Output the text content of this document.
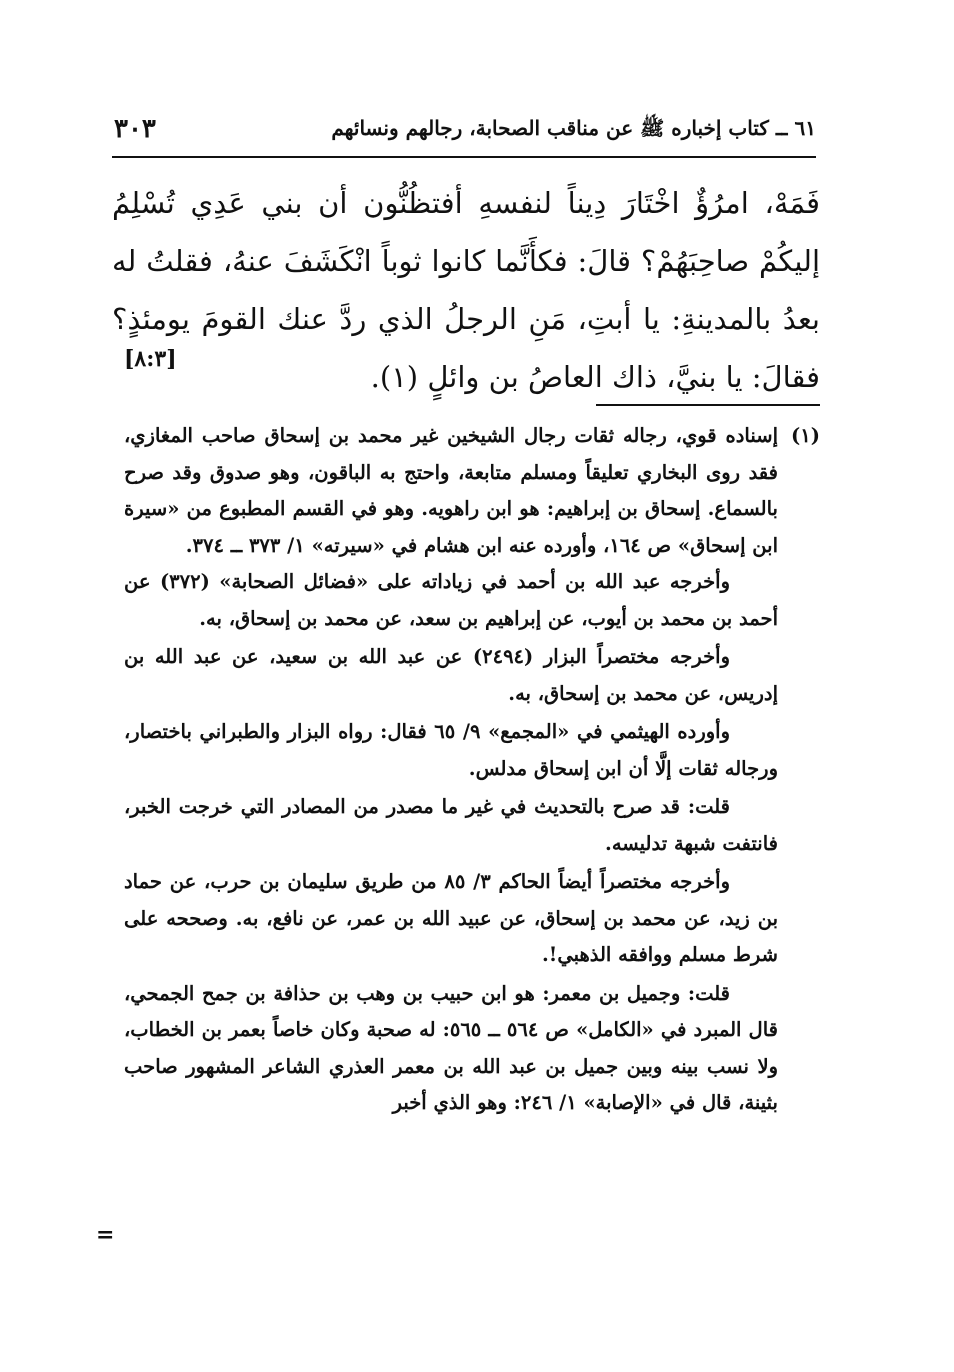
٦١ ــ كتاب إخباره ﷺ عن مناقب الصحابة، رجالهم ونسائهم
٣٠٣

فَمَهْ، امرُؤٌ اخْتَارَ دِيناً لنفسهِ أفتظُنُّون أن بني عَدِي تُسْلِمُ إليكُمْ صاحِبَهُمْ؟ قالَ: فكأَنَّما كانوا ثوباً انْكَشَفَ عنهُ، فقلتُ له بعدُ بالمدينةِ: يا أبتِ، مَنِ الرجلُ الذي ردَّ عنك القومَ يومئذٍ؟ فقالَ: يا بنيَّ، ذاك العاصُ بن وائلٍ (١).

[٨:٣]
(١)
إسناده قوي، رجاله ثقات رجال الشيخين غير محمد بن إسحاق صاحب المغازي، فقد روى البخاري تعليقاً ومسلم متابعة، واحتج به الباقون، وهو صدوق وقد صرح بالسماع. إسحاق بن إبراهيم: هو ابن راهويه. وهو في القسم المطبوع من «سيرة ابن إسحاق» ص ١٦٤، وأورده عنه ابن هشام في «سيرته» ١/ ٣٧٣ ــ ٣٧٤.

وأخرجه عبد الله بن أحمد في زياداته على «فضائل الصحابة» (٣٧٢) عن أحمد بن محمد بن أيوب، عن إبراهيم بن سعد، عن محمد بن إسحاق، به.

وأخرجه مختصراً البزار (٢٤٩٤) عن عبد الله بن سعيد، عن عبد الله بن إدريس، عن محمد بن إسحاق، به.

وأورده الهيثمي في «المجمع» ٩/ ٦٥ فقال: رواه البزار والطبراني باختصار، ورجاله ثقات إلَّا أن ابن إسحاق مدلس.

قلت: قد صرح بالتحديث في غير ما مصدر من المصادر التي خرجت الخبر، فانتفت شبهة تدليسه.

وأخرجه مختصراً أيضاً الحاكم ٣/ ٨٥ من طريق سليمان بن حرب، عن حماد بن زيد، عن محمد بن إسحاق، عن عبيد الله بن عمر، عن نافع، به. وصححه على شرط مسلم ووافقه الذهبي!.

قلت: وجميل بن معمر: هو ابن حبيب بن وهب بن حذافة بن جمح الجمحي، قال المبرد في «الكامل» ص ٥٦٤ ــ ٥٦٥: له صحبة وكان خاصاً بعمر بن الخطاب، ولا نسب بينه وبين جميل بن عبد الله بن معمر العذري الشاعر المشهور صاحب بثينة، قال في «الإصابة» ١/ ٢٤٦: وهو الذي أخبر

=
